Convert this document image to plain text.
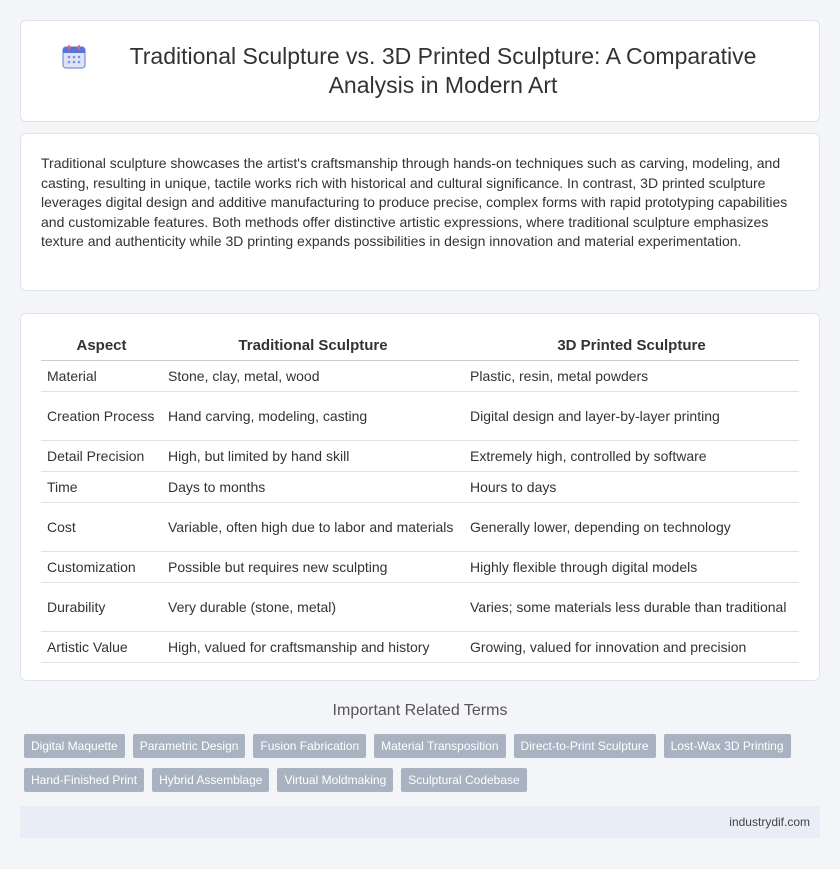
Traditional Sculpture vs. 3D Printed Sculpture: A Comparative Analysis in Modern Art

Traditional sculpture showcases the artist's craftsmanship through hands-on techniques such as carving, modeling, and casting, resulting in unique, tactile works rich with historical and cultural significance. In contrast, 3D printed sculpture leverages digital design and additive manufacturing to produce precise, complex forms with rapid prototyping capabilities and customizable features. Both methods offer distinctive artistic expressions, where traditional sculpture emphasizes texture and authenticity while 3D printing expands possibilities in design innovation and material experimentation.

Aspect	Traditional Sculpture	3D Printed Sculpture
Material	Stone, clay, metal, wood	Plastic, resin, metal powders
Creation Process	Hand carving, modeling, casting	Digital design and layer-by-layer printing
Detail Precision	High, but limited by hand skill	Extremely high, controlled by software
Time	Days to months	Hours to days
Cost	Variable, often high due to labor and materials	Generally lower, depending on technology
Customization	Possible but requires new sculpting	Highly flexible through digital models
Durability	Very durable (stone, metal)	Varies; some materials less durable than traditional
Artistic Value	High, valued for craftsmanship and history	Growing, valued for innovation and precision
Important Related Terms
Digital Maquette	Parametric Design	Fusion Fabrication	Material Transposition	Direct-to-Print Sculpture	Lost-Wax 3D Printing
Hand-Finished Print	Hybrid Assemblage	Virtual Moldmaking	Sculptural Codebase
industrydif.com
